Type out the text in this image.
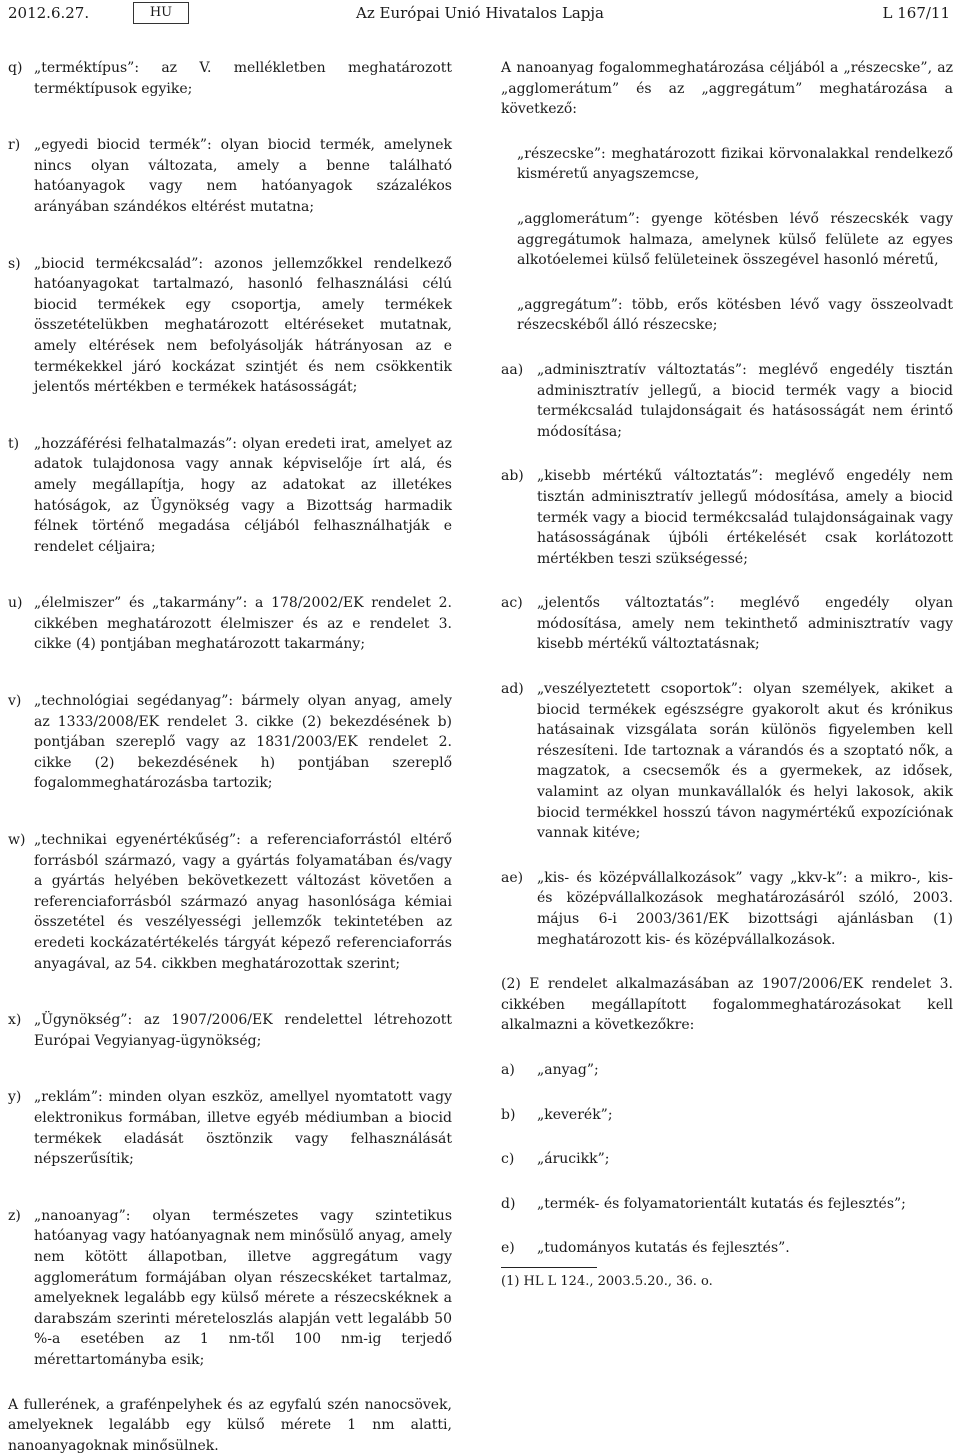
2012.6.27.	HU	Az Európai Unió Hivatalos Lapja	L 167/11
q) „terméktípus”: az V. mellékletben meghatározott terméktípusok egyike;
r) „egyedi biocid termék”: olyan biocid termék, amelynek nincs olyan változata, amely a benne található hatóanyagok vagy nem hatóanyagok százalékos arányában szándékos eltérést mutatna;
s) „biocid termékcsalád”: azonos jellemzőkkel rendelkező hatóanyagokat tartalmazó, hasonló felhasználási célú biocid termékek egy csoportja, amely termékek összetételükben meghatározott eltéréseket mutatnak, amely eltérések nem befolyásolják hátrányosan az e termékekkel járó kockázat szintjét és nem csökkentik jelentős mértékben e termékek hatásosságát;
t)	„hozzáférési felhatalmazás”: olyan eredeti irat, amelyet az adatok tulajdonosa vagy annak képviselője írt alá, és amely megállapítja, hogy az adatokat az illetékes hatóságok, az Ügynökség vagy a Bizottság harmadik félnek történő megadása céljából felhasználhatják e rendelet céljaira;
u) „élelmiszer” és „takarmány”: a 178/2002/EK rendelet 2. cikkében meghatározott élelmiszer és az e rendelet 3. cikke (4) pontjában meghatározott takarmány;
v) „technológiai segédanyag”: bármely olyan anyag, amely az 1333/2008/EK rendelet 3. cikke (2) bekezdésének b) pontjában szereplő vagy az 1831/2003/EK rendelet 2. cikke (2) bekezdésének h) pontjában szereplő fogalommeghatározásba tartozik;
w) „technikai egyenértékűség”: a referenciaforrástól eltérő forrásból származó, vagy a gyártás folyamatában és/vagy a gyártás helyében bekövetkezett változást követően a referenciaforrásból származó anyag hasonlósága kémiai összetétel és veszélyességi jellemzők tekintetében az eredeti kockázatértékelés tárgyát képező referenciaforrás anyagával, az 54. cikkben meghatározottak szerint;
x) „Ügynökség”: az 1907/2006/EK rendelettel létrehozott Európai Vegyianyag-ügynökség;
y) „reklám”: minden olyan eszköz, amellyel nyomtatott vagy elektronikus formában, illetve egyéb médiumban a biocid termékek eladását ösztönzik vagy felhasználását népszerűsítik;
z) „nanoanyag”: olyan természetes vagy szintetikus hatóanyag vagy hatóanyagnak nem minősülő anyag, amely nem kötött állapotban, illetve aggregátum vagy agglomerátum formájában olyan részecskéket tartalmaz, amelyeknek legalább egy külső mérete a részecskéknek a darabszám szerinti méreteloszlás alapján vett legalább 50 %-a esetében az 1 nm-től 100 nm-ig terjedő mérettartományba esik;

A fullerének, a grafénpelyhek és az egyfalú szén nanocsövek, amelyeknek legalább egy külső mérete 1 nm alatti, nanoanyagoknak minősülnek.

A nanoanyag fogalommeghatározása céljából a „részecske”, az „agglomerátum” és az „aggregátum” meghatározása a következő:

„részecske”: meghatározott fizikai körvonalakkal rendelkező kisméretű anyagszemcse,

„agglomerátum”: gyenge kötésben lévő részecskék vagy aggregátumok halmaza, amelynek külső felülete az egyes alkotóelemei külső felületeinek összegével hasonló méretű,

„aggregátum”: több, erős kötésben lévő vagy összeolvadt részecskéből álló részecske;

aa) „adminisztratív változtatás”: meglévő engedély tisztán adminisztratív jellegű, a biocid termék vagy a biocid termékcsalád tulajdonságait és hatásosságát nem érintő módosítása;
ab) „kisebb mértékű változtatás”: meglévő engedély nem tisztán adminisztratív jellegű módosítása, amely a biocid termék vagy a biocid termékcsalád tulajdonságainak vagy hatásosságának újbóli értékelését csak korlátozott mértékben teszi szükségessé;
ac)	„jelentős változtatás”: meglévő engedély olyan módosítása, amely nem tekinthető adminisztratív vagy kisebb mértékű változtatásnak;
ad) „veszélyeztetett csoportok”: olyan személyek, akiket a biocid termékek egészségre gyakorolt akut és krónikus hatásainak vizsgálata során különös figyelemben kell részesíteni. Ide tartoznak a várandós és a szoptató nők, a magzatok, a csecsemők és a gyermekek, az idősek, valamint az olyan munkavállalók és helyi lakosok, akik biocid termékkel hosszú távon nagymértékű expozíciónak vannak kitéve;
ae) „kis- és középvállalkozások” vagy „kkv-k”: a mikro-, kis- és középvállalkozások meghatározásáról szóló, 2003. május 6-i 2003/361/EK bizottsági ajánlásban (1) meghatározott kis- és középvállalkozások.

(2) E rendelet alkalmazásában az 1907/2006/EK rendelet 3. cikkében megállapított fogalommeghatározásokat kell alkalmazni a következőkre:

a)	„anyag”;
b)	„keverék”;
c)	„árucikk”;
d)	„termék- és folyamatorientált kutatás és fejlesztés”;
e)	„tudományos kutatás és fejlesztés”.

(1) HL L 124., 2003.5.20., 36. o.
